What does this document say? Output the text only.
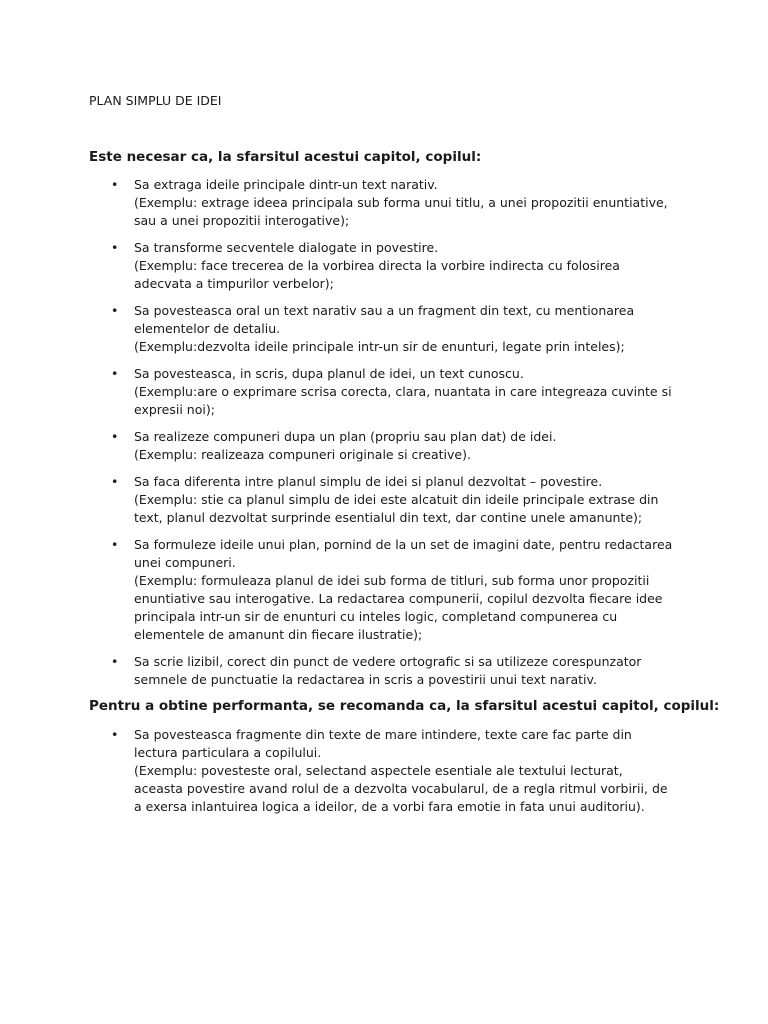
PLAN SIMPLU DE IDEI
Este necesar ca, la sfarsitul acestui capitol, copilul:
• Sa extraga ideile principale dintr-un text narativ.
(Exemplu: extrage ideea principala sub forma unui titlu, a unei propozitii enuntiative, sau a unei propozitii interogative);
• Sa transforme secventele dialogate in povestire.
(Exemplu: face trecerea de la vorbirea directa la vorbire indirecta cu folosirea adecvata a timpurilor verbelor);
• Sa povesteasca oral un text narativ sau a un fragment din text, cu mentionarea elementelor de detaliu.
(Exemplu:dezvolta ideile principale intr-un sir de enunturi, legate prin inteles);
• Sa povesteasca, in scris, dupa planul de idei, un text cunoscu.
(Exemplu:are o exprimare scrisa corecta, clara, nuantata in care integreaza cuvinte si expresii noi);
• Sa realizeze compuneri dupa un plan (propriu sau plan dat) de idei.
(Exemplu: realizeaza compuneri originale si creative).
• Sa faca diferenta intre planul simplu de idei si planul dezvoltat – povestire.
(Exemplu: stie ca planul simplu de idei este alcatuit din ideile principale extrase din text, planul dezvoltat surprinde esentialul din text, dar contine unele amanunte);
• Sa formuleze ideile unui plan, pornind de la un set de imagini date, pentru redactarea unei compuneri.
(Exemplu: formuleaza planul de idei sub forma de titluri, sub forma unor propozitii enuntiative sau interogative. La redactarea compunerii, copilul dezvolta fiecare idee principala intr-un sir de enunturi cu inteles logic, completand compunerea cu elementele de amanunt din fiecare ilustratie);
• Sa scrie lizibil, corect din punct de vedere ortografic si sa utilizeze corespunzator semnele de punctuatie la redactarea in scris a povestirii unui text narativ.
Pentru a obtine performanta, se recomanda ca, la sfarsitul acestui capitol, copilul:
• Sa povesteasca fragmente din texte de mare intindere, texte care fac parte din lectura particulara a copilului.
(Exemplu: povesteste oral, selectand aspectele esentiale ale textului lecturat, aceasta povestire avand rolul de a dezvolta vocabularul, de a regla ritmul vorbirii, de a exersa inlantuirea logica a ideilor, de a vorbi fara emotie in fata unui auditoriu).
